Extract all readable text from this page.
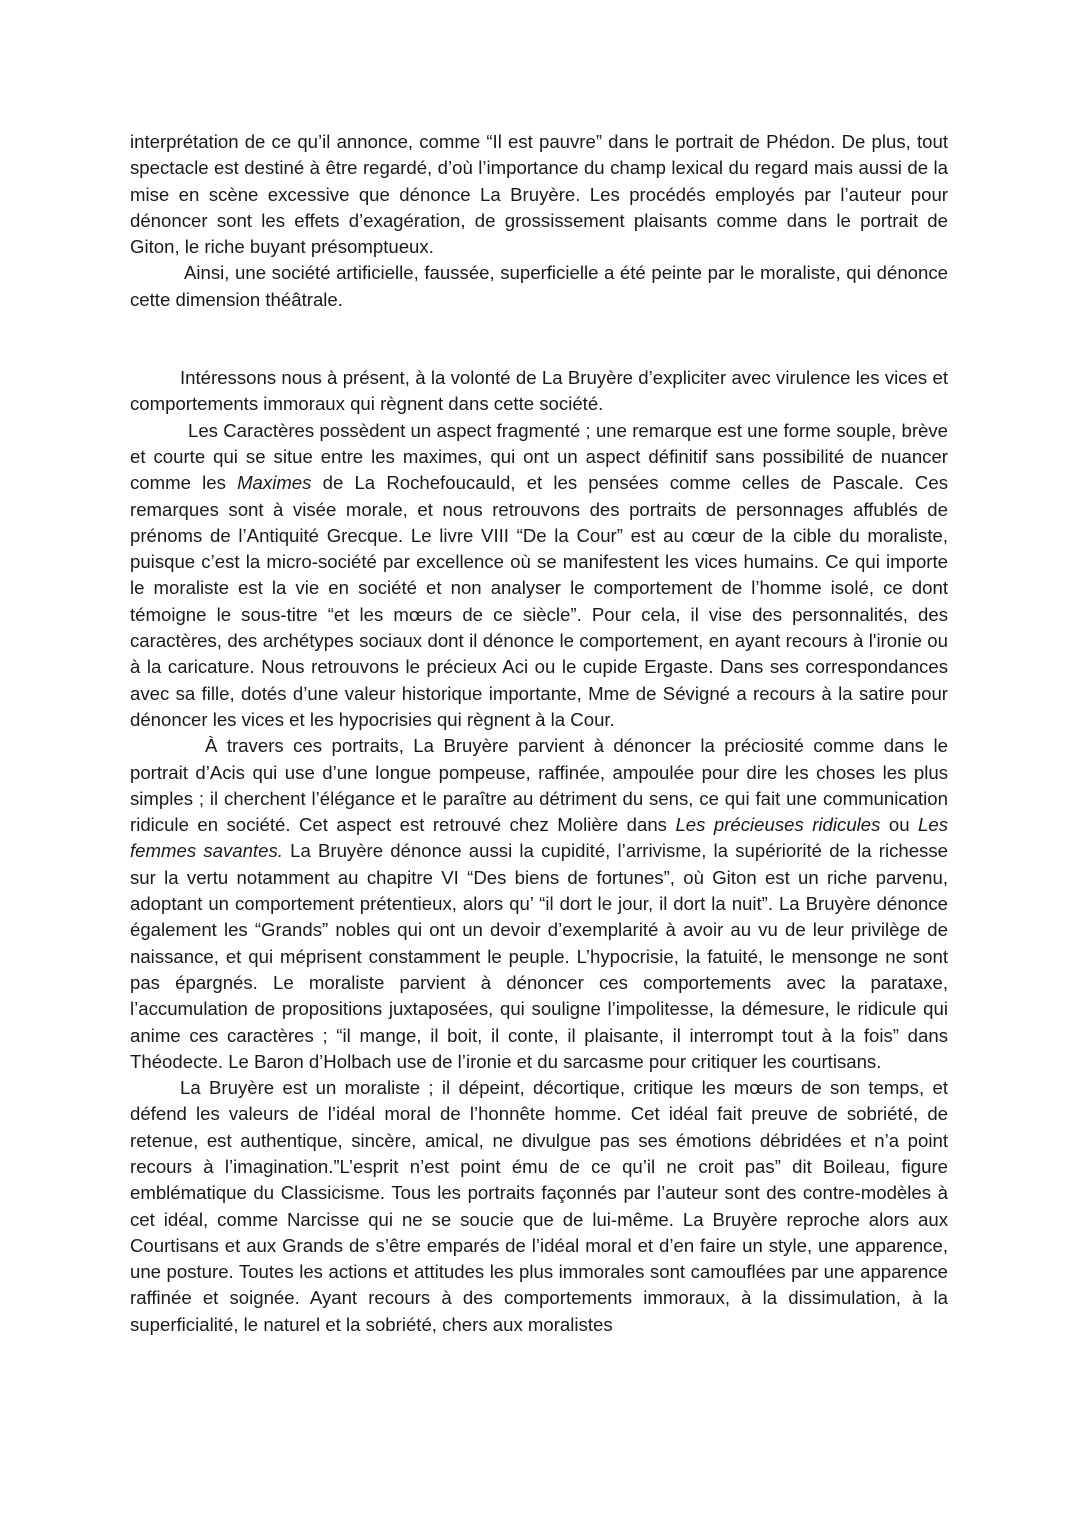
interprétation de ce qu’il annonce, comme “Il est pauvre” dans le portrait de Phédon. De plus, tout spectacle est destiné à être regardé, d’où l’importance du champ lexical du regard mais aussi de la mise en scène excessive que dénonce La Bruyère. Les procédés employés par l’auteur pour dénoncer sont les effets d’exagération, de grossissement plaisants comme dans le portrait de Giton, le riche buyant présomptueux.

Ainsi, une société artificielle, faussée, superficielle a été peinte par le moraliste, qui dénonce cette dimension théâtrale.

Intéressons nous à présent, à la volonté de La Bruyère d’expliciter avec virulence les vices et comportements immoraux qui règnent dans cette société.

Les Caractères possèdent un aspect fragmenté ; une remarque est une forme souple, brève et courte qui se situe entre les maximes, qui ont un aspect définitif sans possibilité de nuancer comme les Maximes de La Rochefoucauld, et les pensées comme celles de Pascale. Ces remarques sont à visée morale, et nous retrouvons des portraits de personnages affublés de prénoms de l’Antiquité Grecque. Le livre VIII “De la Cour” est au cœur de la cible du moraliste, puisque c’est la micro-société par excellence où se manifestent les vices humains. Ce qui importe le moraliste est la vie en société et non analyser le comportement de l’homme isolé, ce dont témoigne le sous-titre “et les mœurs de ce siècle”. Pour cela, il vise des personnalités, des caractères, des archétypes sociaux dont il dénonce le comportement, en ayant recours à l'ironie ou à la caricature. Nous retrouvons le précieux Aci ou le cupide Ergaste. Dans ses correspondances avec sa fille, dotés d’une valeur historique importante, Mme de Sévigné a recours à la satire pour dénoncer les vices et les hypocrisies qui règnent à la Cour.

À travers ces portraits, La Bruyère parvient à dénoncer la préciosité comme dans le portrait d’Acis qui use d’une longue pompeuse, raffinée, ampoulée pour dire les choses les plus simples ; il cherchent l’élégance et le paraître au détriment du sens, ce qui fait une communication ridicule en société. Cet aspect est retrouvé chez Molière dans Les précieuses ridicules ou Les femmes savantes. La Bruyère dénonce aussi la cupidité, l’arrivisme, la supériorité de la richesse sur la vertu notamment au chapitre VI “Des biens de fortunes”, où Giton est un riche parvenu, adoptant un comportement prétentieux, alors qu’ “il dort le jour, il dort la nuit”. La Bruyère dénonce également les “Grands” nobles qui ont un devoir d’exemplarité à avoir au vu de leur privilège de naissance, et qui méprisent constamment le peuple. L’hypocrisie, la fatuité, le mensonge ne sont pas épargnés. Le moraliste parvient à dénoncer ces comportements avec la parataxe, l’accumulation de propositions juxtaposées, qui souligne l’impolitesse, la démesure, le ridicule qui anime ces caractères ; “il mange, il boit, il conte, il plaisante, il interrompt tout à la fois” dans Théodecte. Le Baron d’Holbach use de l’ironie et du sarcasme pour critiquer les courtisans.

La Bruyère est un moraliste ; il dépeint, décortique, critique les mœurs de son temps, et défend les valeurs de l’idéal moral de l’honnête homme. Cet idéal fait preuve de sobriété, de retenue, est authentique, sincère, amical, ne divulgue pas ses émotions débridées et n’a point recours à l’imagination.”L’esprit n’est point ému de ce qu’il ne croit pas” dit Boileau, figure emblématique du Classicisme. Tous les portraits façonnés par l’auteur sont des contre-modèles à cet idéal, comme Narcisse qui ne se soucie que de lui-même. La Bruyère reproche alors aux Courtisans et aux Grands de s’être emparés de l’idéal moral et d’en faire un style, une apparence, une posture. Toutes les actions et attitudes les plus immorales sont camouflées par une apparence raffinée et soignée. Ayant recours à des comportements immoraux, à la dissimulation, à la superficialité, le naturel et la sobriété, chers aux moralistes
